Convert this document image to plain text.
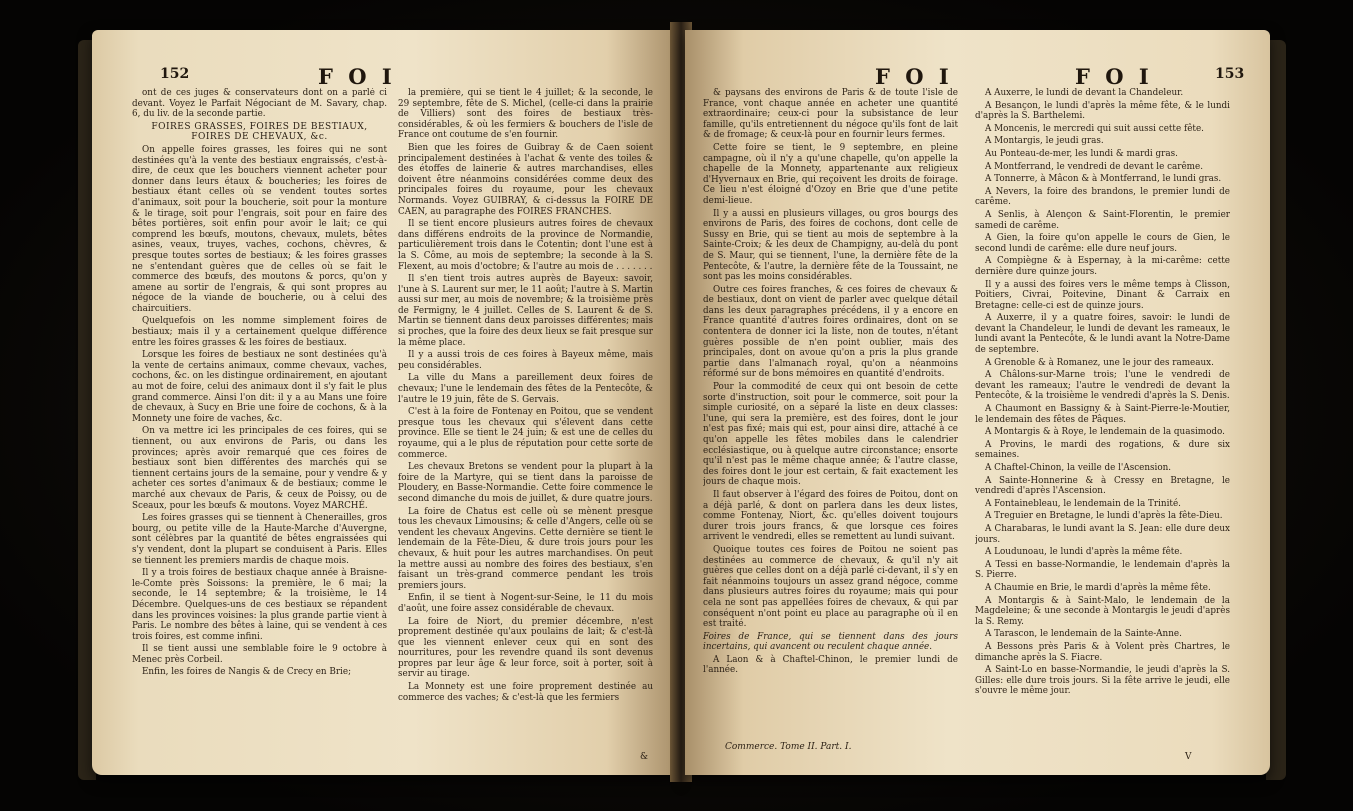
152	F O I

ont de ces juges & conservateurs dont on a parlé ci devant. Voyez le Parfait Négociant de M. Savary, chap. 6, du liv. de la seconde partie.

FOIRES GRASSES, FOIRES DE BESTIAUX, FOIRES DE CHEVAUX, &c.

On appelle foires grasses, les foires qui ne sont destinées qu'à la vente des bestiaux engraissés, c'est-à-dire, de ceux que les bouchers viennent acheter pour donner dans leurs étaux & boucheries; les foires de bestiaux étant celles où se vendent toutes sortes d'animaux, soit pour la boucherie, soit pour la monture & le tirage, soit pour l'engrais, soit pour en faire des bêtes portières, soit enfin pour avoir le lait; ce qui comprend les bœufs, moutons, chevaux, mulets, bêtes asines, veaux, truyes, vaches, cochons, chèvres, & presque toutes sortes de bestiaux; & les foires grasses ne s'entendant guères que de celles où se fait le commerce des bœufs, des moutons & porcs, qu'on y amene au sortir de l'engrais, & qui sont propres au négoce de la viande de boucherie, ou à celui des chaircuitiers.

Quelquefois on les nomme simplement foires de bestiaux; mais il y a certainement quelque différence entre les foires grasses & les foires de bestiaux.

Lorsque les foires de bestiaux ne sont destinées qu'à la vente de certains animaux, comme chevaux, vaches, cochons, &c. on les distingue ordinairement, en ajoutant au mot de foire, celui des animaux dont il s'y fait le plus grand commerce. Ainsi l'on dit: il y a au Mans une foire de chevaux, à Sucy en Brie une foire de cochons, & à la Monnety une foire de vaches, &c.

On va mettre ici les principales de ces foires, qui se tiennent, ou aux environs de Paris, ou dans les provinces; après avoir remarqué que ces foires de bestiaux sont bien différentes des marchés qui se tiennent certains jours de la semaine, pour y vendre & y acheter ces sortes d'animaux & de bestiaux; comme le marché aux chevaux de Paris, & ceux de Poissy, ou de Sceaux, pour les bœufs & moutons. Voyez MARCHÉ.

Les foires grasses qui se tiennent à Chenerailles, gros bourg, ou petite ville de la Haute-Marche d'Auvergne, sont célèbres par la quantité de bêtes engraissées qui s'y vendent, dont la plupart se conduisent à Paris. Elles se tiennent les premiers mardis de chaque mois.

Il y a trois foires de bestiaux chaque année à Braisne-le-Comte près Soissons: la première, le 6 mai; la seconde, le 14 septembre; & la troisième, le 14 Décembre. Quelques-uns de ces bestiaux se répandent dans les provinces voisines: la plus grande partie vient à Paris. Le nombre des bêtes à laine, qui se vendent à ces trois foires, est comme infini.

Il se tient aussi une semblable foire le 9 octobre à Menec près Corbeil.

Enfin, les foires de Nangis & de Crecy en Brie;

la première, qui se tient le 4 juillet; & la seconde, le 29 septembre, fête de S. Michel, (celle-ci dans la prairie de Villiers) sont des foires de bestiaux très-considérables, & où les fermiers & bouchers de l'isle de France ont coutume de s'en fournir.

Bien que les foires de Guibray & de Caen soient principalement destinées à l'achat & vente des toiles & des étoffes de lainerie & autres marchandises, elles doivent être néanmoins considérées comme deux des principales foires du royaume, pour les chevaux Normands. Voyez GUIBRAY, & ci-dessus la FOIRE DE CAEN, au paragraphe des FOIRES FRANCHES.

Il se tient encore plusieurs autres foires de chevaux dans différens endroits de la province de Normandie, particulièrement trois dans le Cotentin; dont l'une est à la S. Côme, au mois de septembre; la seconde à la S. Flexent, au mois d'octobre; & l'autre au mois de . . . . . . .

Il s'en tient trois autres auprès de Bayeux: savoir, l'une à S. Laurent sur mer, le 11 août; l'autre à S. Martin aussi sur mer, au mois de novembre; & la troisième près de Fermigny, le 4 juillet. Celles de S. Laurent & de S. Martin se tiennent dans deux paroisses différentes; mais si proches, que la foire des deux lieux se fait presque sur la même place.

Il y a aussi trois de ces foires à Bayeux même, mais peu considérables.

La ville du Mans a pareillement deux foires de chevaux; l'une le lendemain des fêtes de la Pentecôte, & l'autre le 19 juin, fête de S. Gervais.

C'est à la foire de Fontenay en Poitou, que se vendent presque tous les chevaux qui s'élevent dans cette province. Elle se tient le 24 juin; & est une de celles du royaume, qui a le plus de réputation pour cette sorte de commerce.

Les chevaux Bretons se vendent pour la plupart à la foire de la Martyre, qui se tient dans la paroisse de Ploudery, en Basse-Normandie. Cette foire commence le second dimanche du mois de juillet, & dure quatre jours.

La foire de Chatus est celle où se mènent presque tous les chevaux Limousins; & celle d'Angers, celle où se vendent les chevaux Angevins. Cette dernière se tient le lendemain de la Fête-Dieu, & dure trois jours pour les chevaux, & huit pour les autres marchandises. On peut la mettre aussi au nombre des foires des bestiaux, s'en faisant un très-grand commerce pendant les trois premiers jours.

Enfin, il se tient à Nogent-sur-Seine, le 11 du mois d'août, une foire assez considérable de chevaux.

La foire de Niort, du premier décembre, n'est proprement destinée qu'aux poulains de lait; & c'est-là que les viennent enlever ceux qui en sont des nourritures, pour les revendre quand ils sont devenus propres par leur âge & leur force, soit à porter, soit à servir au tirage.

La Monnety est une foire proprement destinée au commerce des vaches; & c'est-là que les fermiers

&
F O I	F O I	153

& paysans des environs de Paris & de toute l'isle de France, vont chaque année en acheter une quantité extraordinaire; ceux-ci pour la subsistance de leur famille, qu'ils entretiennent du négoce qu'ils font de lait & de fromage; & ceux-là pour en fournir leurs fermes.

Cette foire se tient, le 9 septembre, en pleine campagne, où il n'y a qu'une chapelle, qu'on appelle la chapelle de la Monnety, appartenante aux religieux d'Hyvernaux en Brie, qui reçoivent les droits de foirage. Ce lieu n'est éloigné d'Ozoy en Brie que d'une petite demi-lieue.

Il y a aussi en plusieurs villages, ou gros bourgs des environs de Paris, des foires de cochons, dont celle de Sussy en Brie, qui se tient au mois de septembre à la Sainte-Croix; & les deux de Champigny, au-delà du pont de S. Maur, qui se tiennent, l'une, la dernière fête de la Pentecôte, & l'autre, la dernière fête de la Toussaint, ne sont pas les moins considérables.

Outre ces foires franches, & ces foires de chevaux & de bestiaux, dont on vient de parler avec quelque détail dans les deux paragraphes précédens, il y a encore en France quantité d'autres foires ordinaires, dont on se contentera de donner ici la liste, non de toutes, n'étant guères possible de n'en point oublier, mais des principales, dont on avoue qu'on a pris la plus grande partie dans l'almanach royal, qu'on a néanmoins réformé sur de bons mémoires en quantité d'endroits.

Pour la commodité de ceux qui ont besoin de cette sorte d'instruction, soit pour le commerce, soit pour la simple curiosité, on a séparé la liste en deux classes: l'une, qui sera la première, est des foires, dont le jour n'est pas fixé; mais qui est, pour ainsi dire, attaché à ce qu'on appelle les fêtes mobiles dans le calendrier ecclésiastique, ou à quelque autre circonstance; ensorte qu'il n'est pas le même chaque année; & l'autre classe, des foires dont le jour est certain, & fait exactement les jours de chaque mois.

Il faut observer à l'égard des foires de Poitou, dont on a déjà parlé, & dont on parlera dans les deux listes, comme Fontenay, Niort, &c. qu'elles doivent toujours durer trois jours francs, & que lorsque ces foires arrivent le vendredi, elles se remettent au lundi suivant.

Quoique toutes ces foires de Poitou ne soient pas destinées au commerce de chevaux, & qu'il n'y ait guères que celles dont on a déjà parlé ci-devant, il s'y en fait néanmoins toujours un assez grand négoce, comme dans plusieurs autres foires du royaume; mais qui pour cela ne sont pas appellées foires de chevaux, & qui par conséquent n'ont point eu place au paragraphe où il en est traité.

Foires de France, qui se tiennent dans des jours incertains, qui avancent ou reculent chaque année.

A Laon & à Chaftel-Chinon, le premier lundi de l'année.

A Auxerre, le lundi de devant la Chandeleur.

A Besançon, le lundi d'après la même fête, & le lundi d'après la S. Barthelemi.

A Moncenis, le mercredi qui suit aussi cette fête.

A Montargis, le jeudi gras.

Au Ponteau-de-mer, les lundi & mardi gras.

A Montferrand, le vendredi de devant le carême.

A Tonnerre, à Mâcon & à Montferrand, le lundi gras.

A Nevers, la foire des brandons, le premier lundi de carême.

A Senlis, à Alençon & Saint-Florentin, le premier samedi de carême.

A Gien, la foire qu'on appelle le cours de Gien, le second lundi de carême: elle dure neuf jours.

A Compiègne & à Espernay, à la mi-carême: cette dernière dure quinze jours.

Il y a aussi des foires vers le même temps à Clisson, Poitiers, Civrai, Poitevine, Dinant & Carraix en Bretagne: celle-ci est de quinze jours.

A Auxerre, il y a quatre foires, savoir: le lundi de devant la Chandeleur, le lundi de devant les rameaux, le lundi avant la Pentecôte, & le lundi avant la Notre-Dame de septembre.

A Grenoble & à Romanez, une le jour des rameaux.

A Châlons-sur-Marne trois; l'une le vendredi de devant les rameaux; l'autre le vendredi de devant la Pentecôte, & la troisième le vendredi d'après la S. Denis.

A Chaumont en Bassigny & à Saint-Pierre-le-Moutier, le lendemain des fêtes de Pâques.

A Montargis & à Roye, le lendemain de la quasimodo.

A Provins, le mardi des rogations, & dure six semaines.

A Chaftel-Chinon, la veille de l'Ascension.

A Sainte-Honnerine & à Cressy en Bretagne, le vendredi d'après l'Ascension.

A Fontainebleau, le lendemain de la Trinité.

A Treguier en Bretagne, le lundi d'après la fête-Dieu.

A Charabaras, le lundi avant la S. Jean: elle dure deux jours.

A Loudunoau, le lundi d'après la même fête.

A Tessi en basse-Normandie, le lendemain d'après la S. Pierre.

A Chaumie en Brie, le mardi d'après la même fête.

A Montargis & à Saint-Malo, le lendemain de la Magdeleine; & une seconde à Montargis le jeudi d'après la S. Remy.

A Tarascon, le lendemain de la Sainte-Anne.

A Bessons près Paris & à Volent près Chartres, le dimanche après la S. Fiacre.

A Saint-Lo en basse-Normandie, le jeudi d'après la S. Gilles: elle dure trois jours. Si la fête arrive le jeudi, elle s'ouvre le même jour.

Commerce. Tome II. Part. I.
V
